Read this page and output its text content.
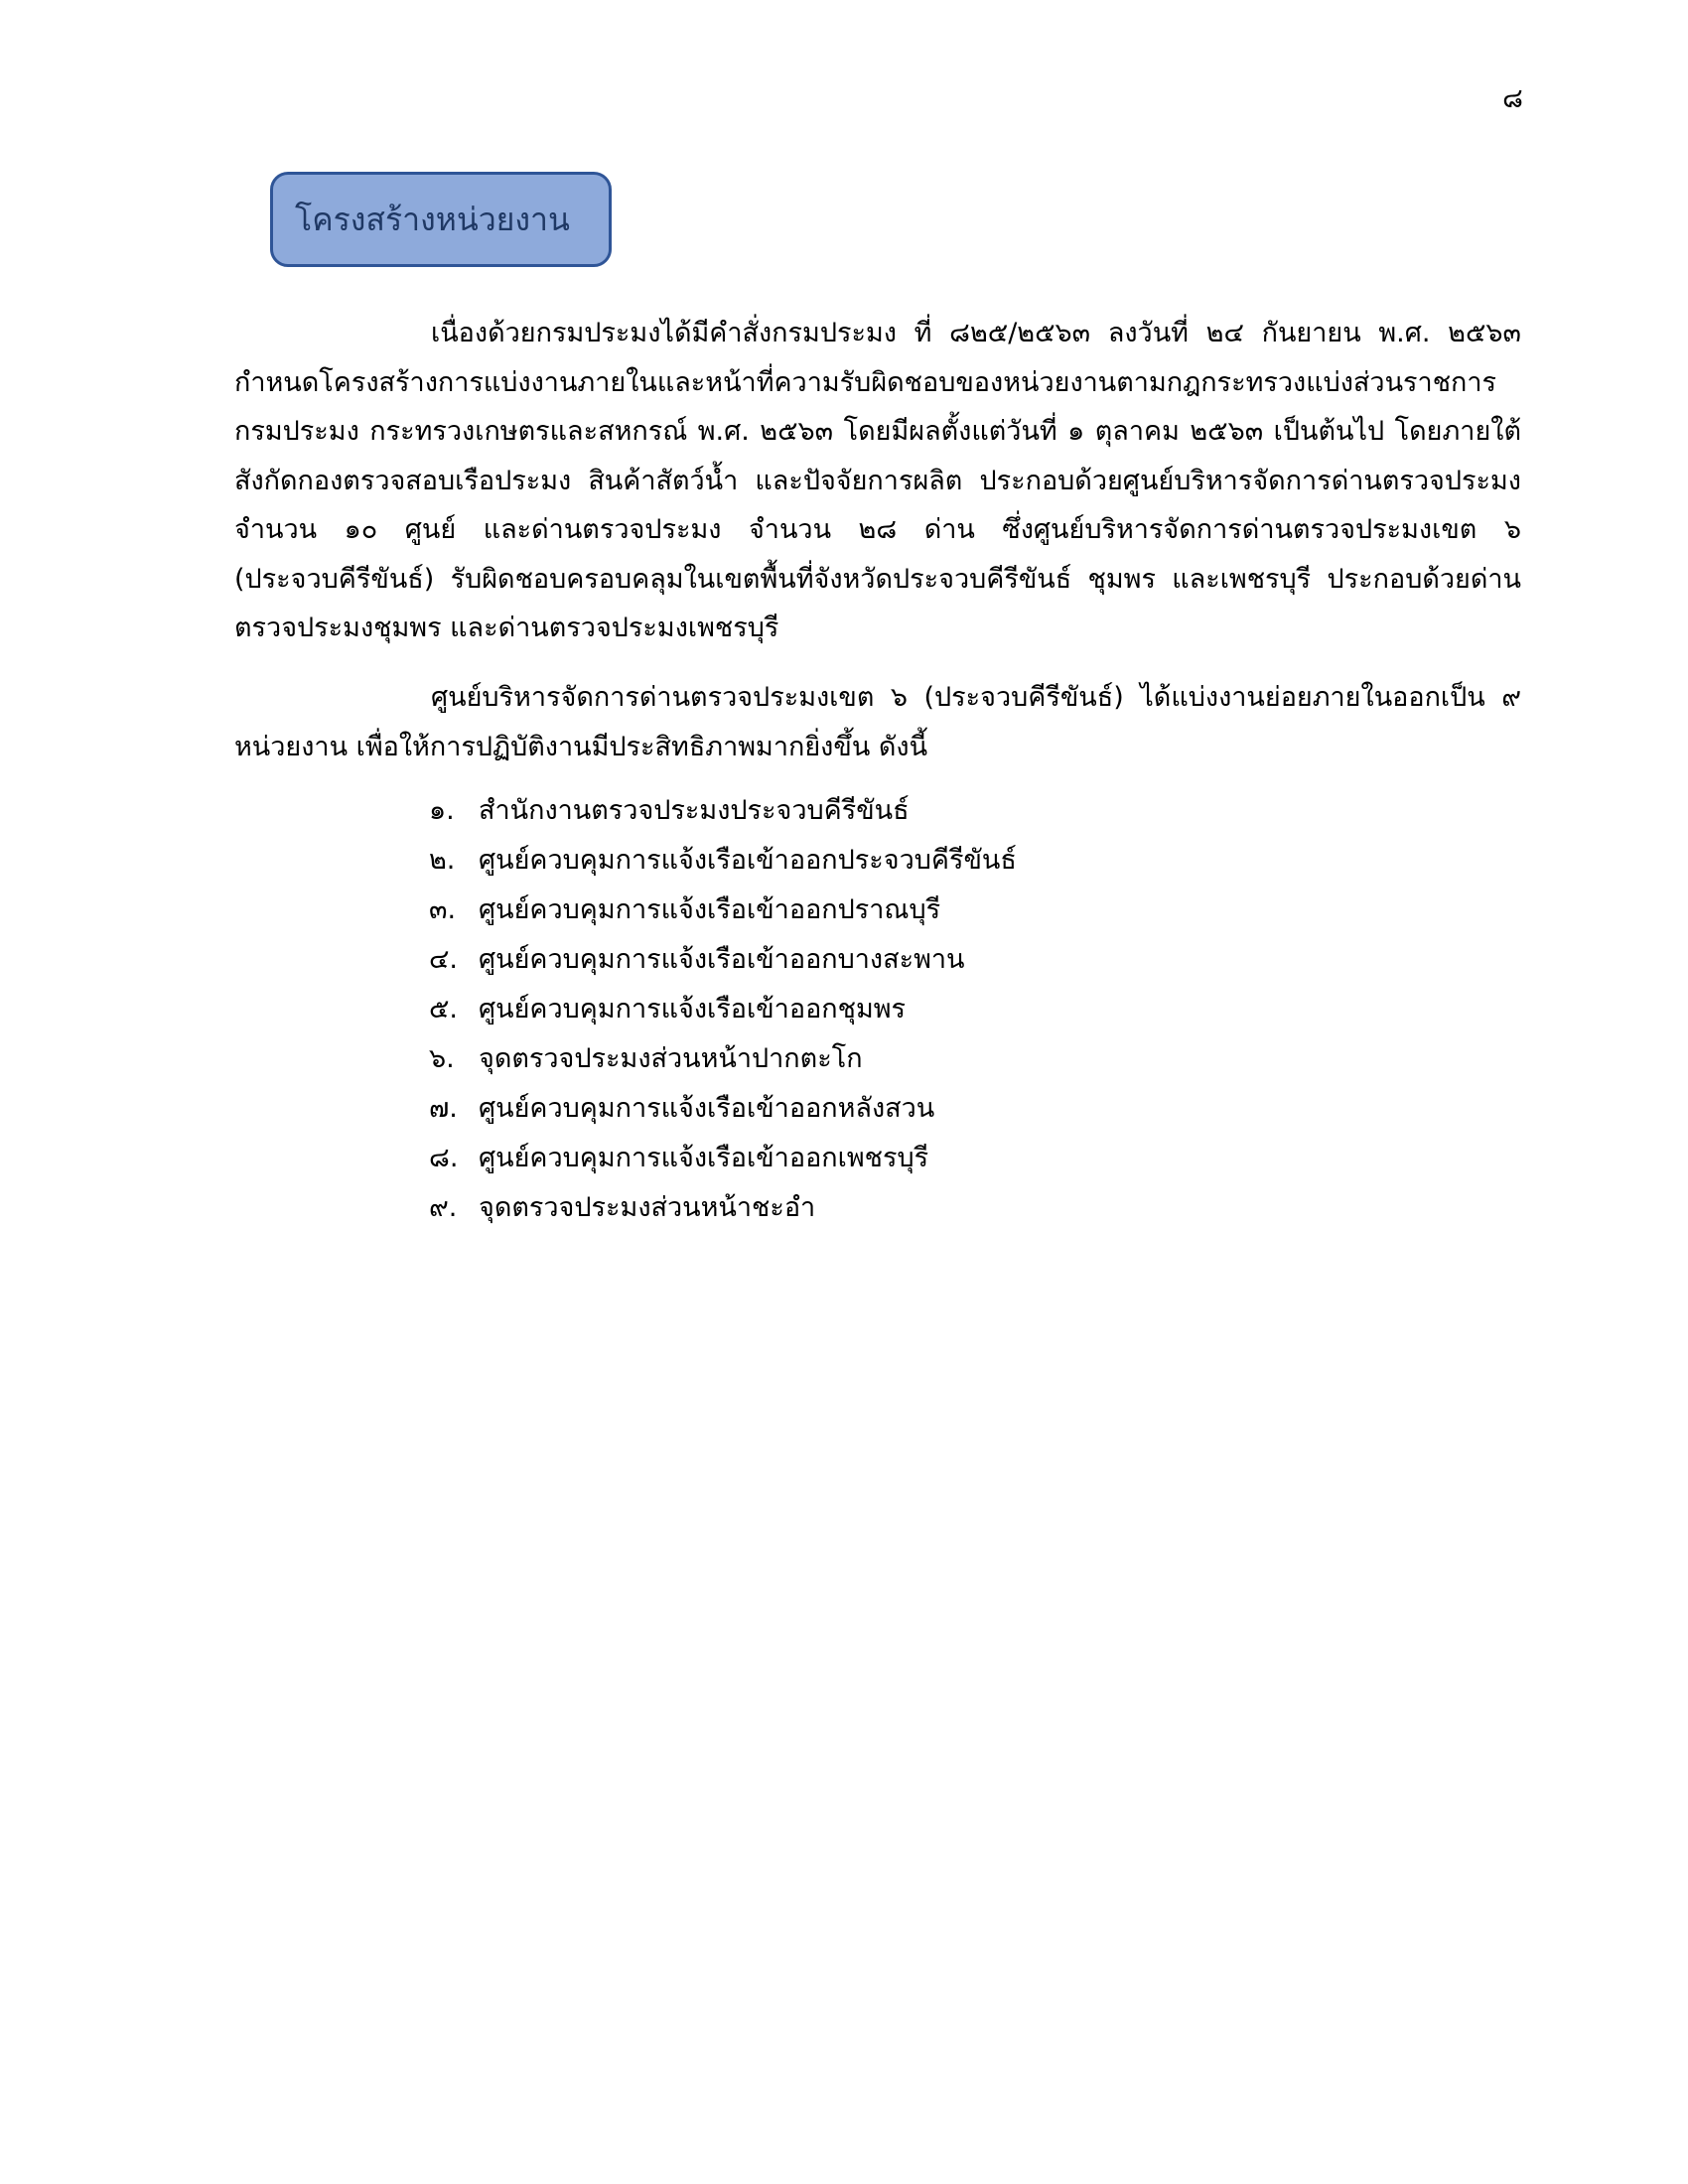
๘
โครงสร้างหน่วยงาน

เนื่องด้วยกรมประมงได้มีคำสั่งกรมประมง ที่ ๘๒๕/๒๕๖๓ ลงวันที่ ๒๔ กันยายน พ.ศ. ๒๕๖๓ กำหนดโครงสร้างการแบ่งงานภายในและหน้าที่ความรับผิดชอบของหน่วยงานตามกฎกระทรวงแบ่งส่วนราชการกรมประมง กระทรวงเกษตรและสหกรณ์ พ.ศ. ๒๕๖๓ โดยมีผลตั้งแต่วันที่ ๑ ตุลาคม ๒๕๖๓ เป็นต้นไป โดยภายใต้สังกัดกองตรวจสอบเรือประมง สินค้าสัตว์น้ำ และปัจจัยการผลิต ประกอบด้วยศูนย์บริหารจัดการด่านตรวจประมง จำนวน ๑๐ ศูนย์ และด่านตรวจประมง จำนวน ๒๘ ด่าน ซึ่งศูนย์บริหารจัดการด่านตรวจประมงเขต ๖ (ประจวบคีรีขันธ์) รับผิดชอบครอบคลุมในเขตพื้นที่จังหวัดประจวบคีรีขันธ์ ชุมพร และเพชรบุรี ประกอบด้วยด่านตรวจประมงชุมพร และด่านตรวจประมงเพชรบุรี

ศูนย์บริหารจัดการด่านตรวจประมงเขต ๖ (ประจวบคีรีขันธ์) ได้แบ่งงานย่อยภายในออกเป็น ๙ หน่วยงาน เพื่อให้การปฏิบัติงานมีประสิทธิภาพมากยิ่งขึ้น ดังนี้

๑. สำนักงานตรวจประมงประจวบคีรีขันธ์
๒. ศูนย์ควบคุมการแจ้งเรือเข้าออกประจวบคีรีขันธ์
๓. ศูนย์ควบคุมการแจ้งเรือเข้าออกปราณบุรี
๔. ศูนย์ควบคุมการแจ้งเรือเข้าออกบางสะพาน
๕. ศูนย์ควบคุมการแจ้งเรือเข้าออกชุมพร
๖. จุดตรวจประมงส่วนหน้าปากตะโก
๗. ศูนย์ควบคุมการแจ้งเรือเข้าออกหลังสวน
๘. ศูนย์ควบคุมการแจ้งเรือเข้าออกเพชรบุรี
๙. จุดตรวจประมงส่วนหน้าชะอำ
